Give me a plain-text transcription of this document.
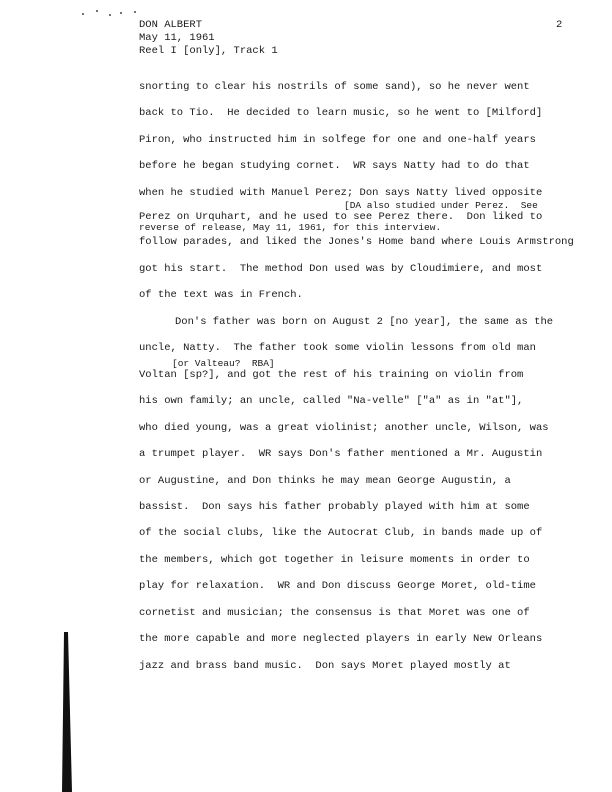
DON ALBERT
May 11, 1961
Reel I [only], Track 1
2
snorting to clear his nostrils of some sand), so he never went
back to Tio.  He decided to learn music, so he went to [Milford]
Piron, who instructed him in solfege for one and one-half years
before he began studying cornet.  WR says Natty had to do that
when he studied with Manuel Perez; Don says Natty lived opposite
[DA also studied under Perez.  See
Perez on Urquhart, and he used to see Perez there.  Don liked to
reverse of release, May 11, 1961, for this interview.
follow parades, and liked the Jones's Home band where Louis Armstrong
got his start.  The method Don used was by Cloudimiere, and most
of the text was in French.
Don's father was born on August 2 [no year], the same as the
uncle, Natty.  The father took some violin lessons from old man
[or Valteau?  RBA]
Voltan [sp?], and got the rest of his training on violin from
his own family; an uncle, called "Na-velle" ["a" as in "at"],
who died young, was a great violinist; another uncle, Wilson, was
a trumpet player.  WR says Don's father mentioned a Mr. Augustin
or Augustine, and Don thinks he may mean George Augustin, a
bassist.  Don says his father probably played with him at some
of the social clubs, like the Autocrat Club, in bands made up of
the members, which got together in leisure moments in order to
play for relaxation.  WR and Don discuss George Moret, old-time
cornetist and musician; the consensus is that Moret was one of
the more capable and more neglected players in early New Orleans
jazz and brass band music.  Don says Moret played mostly at
